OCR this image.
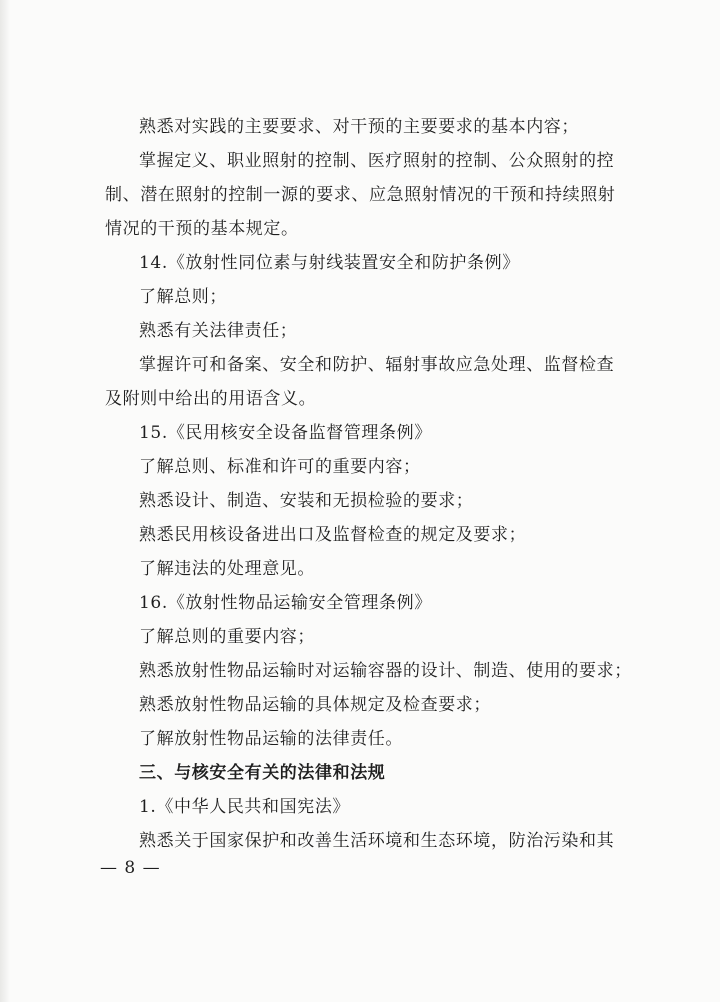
熟悉对实践的主要要求、对干预的主要要求的基本内容；
掌握定义、职业照射的控制、医疗照射的控制、公众照射的控
制、潜在照射的控制一源的要求、应急照射情况的干预和持续照射
情况的干预的基本规定。
14.《放射性同位素与射线装置安全和防护条例》
了解总则；
熟悉有关法律责任；
掌握许可和备案、安全和防护、辐射事故应急处理、监督检查
及附则中给出的用语含义。
15.《民用核安全设备监督管理条例》
了解总则、标准和许可的重要内容；
熟悉设计、制造、安装和无损检验的要求；
熟悉民用核设备进出口及监督检查的规定及要求；
了解违法的处理意见。
16.《放射性物品运输安全管理条例》
了解总则的重要内容；
熟悉放射性物品运输时对运输容器的设计、制造、使用的要求；
熟悉放射性物品运输的具体规定及检查要求；
了解放射性物品运输的法律责任。
三、与核安全有关的法律和法规
1.《中华人民共和国宪法》
熟悉关于国家保护和改善生活环境和生态环境，防治污染和其
— 8 —
